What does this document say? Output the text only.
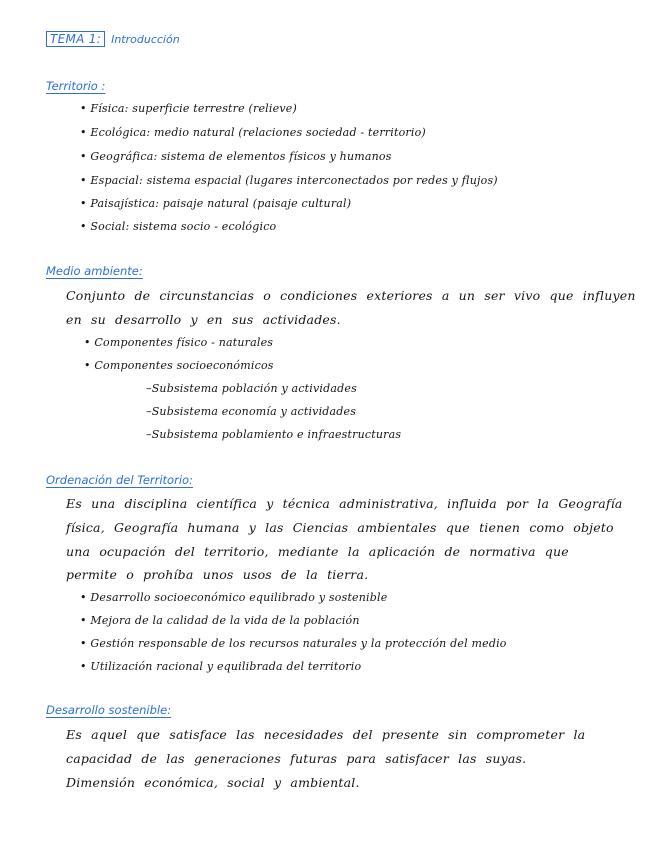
TEMA 1: Introducción
Territorio :
• Física: superficie terrestre (relieve)
• Ecológica: medio natural (relaciones sociedad - territorio)
• Geográfica: sistema de elementos físicos y humanos
• Espacial: sistema espacial (lugares interconectados por redes y flujos)
• Paisajística: paisaje natural (paisaje cultural)
• Social: sistema socio - ecológico
Medio ambiente:
Conjunto de circunstancias o condiciones exteriores a un ser vivo que influyen
en su desarrollo y en sus actividades.
• Componentes físico - naturales
• Componentes socioeconómicos
–Subsistema población y actividades
–Subsistema economía y actividades
–Subsistema poblamiento e infraestructuras
Ordenación del Territorio:
Es una disciplina científica y técnica administrativa, influida por la Geografía
física, Geografía humana y las Ciencias ambientales que tienen como objeto
una ocupación del territorio, mediante la aplicación de normativa que
permite o prohíba unos usos de la tierra.
• Desarrollo socioeconómico equilibrado y sostenible
• Mejora de la calidad de la vida de la población
• Gestión responsable de los recursos naturales y la protección del medio
• Utilización racional y equilibrada del territorio
Desarrollo sostenible:
Es aquel que satisface las necesidades del presente sin comprometer la
capacidad de las generaciones futuras para satisfacer las suyas.
Dimensión económica, social y ambiental.
